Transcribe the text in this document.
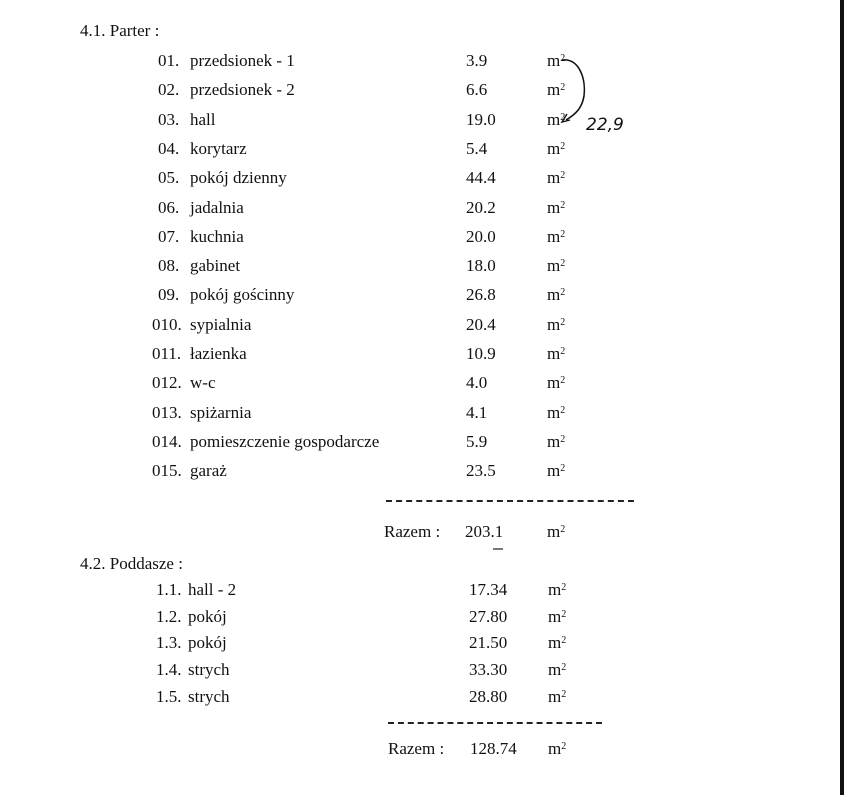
4.1. Parter :
01. przedsionek - 1	3.9	$m^2$
02. przedsionek - 2	6.6	$m^2$
03. hall	19.0	$m^2$
04. korytarz	5.4	$m^2$
05. pokój dzienny	44.4	$m^2$
06. jadalnia	20.2	$m^2$
07. kuchnia	20.0	$m^2$
08. gabinet	18.0	$m^2$
09. pokój gościnny	26.8	$m^2$
010. sypialnia	20.4	$m^2$
011. łazienka	10.9	$m^2$
012. w-c	4.0	$m^2$
013. spiżarnia	4.1	$m^2$
014. pomieszczenie gospodarcze	5.9	$m^2$
015. garaż	23.5	$m^2$
Razem : 203.1	$m^2$
4.2. Poddasze :
1.1. hall - 2	17.34 $m^2$
1.2. pokój	27.80 $m^2$
1.3. pokój	21.50 $m^2$
1.4. strych	33.30 $m^2$
1.5. strych	28.80 $m^2$
Razem : 128.74 $m^2$
22,9
